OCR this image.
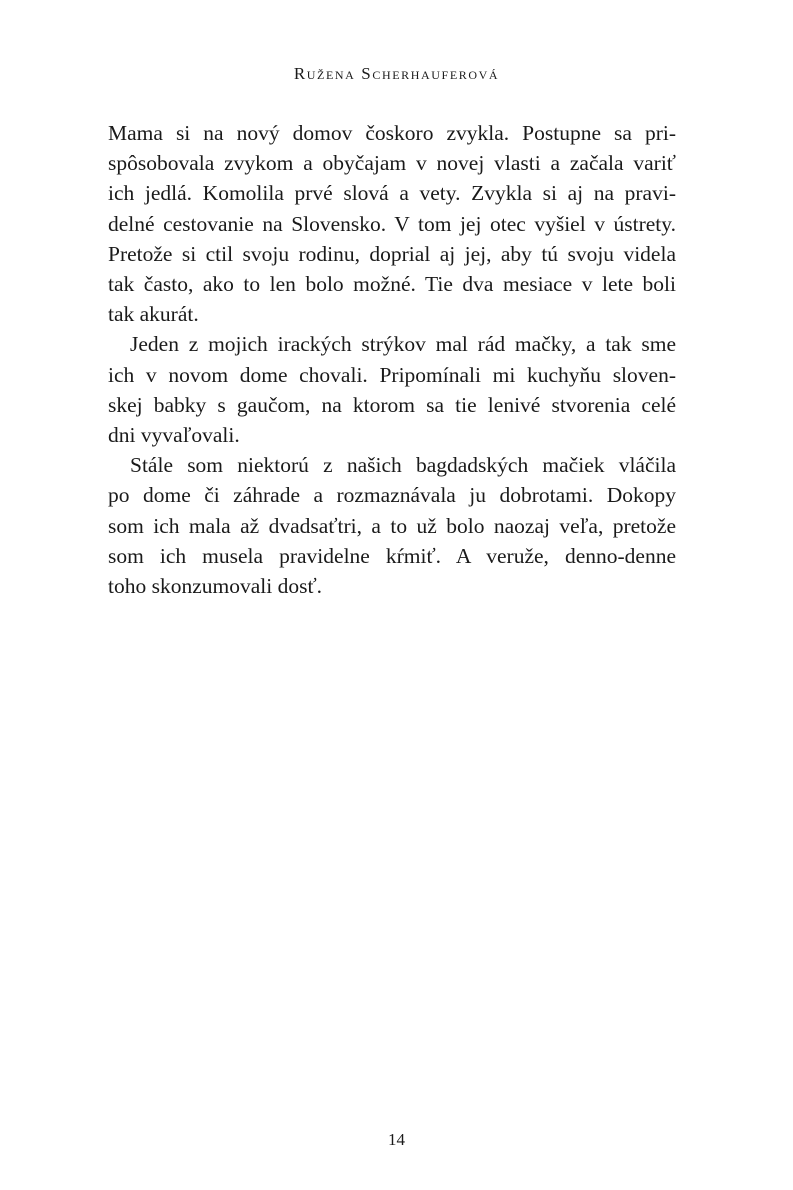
Ružena Scherhauferová

Mama si na nový domov čoskoro zvykla. Postupne sa pri-
spôsobovala zvykom a obyčajam v novej vlasti a začala variť
ich jedlá. Komolila prvé slová a vety. Zvykla si aj na pravi-
delné cestovanie na Slovensko. V tom jej otec vyšiel v ústrety.
Pretože si ctil svoju rodinu, doprial aj jej, aby tú svoju videla
tak často, ako to len bolo možné. Tie dva mesiace v lete boli
tak akurát.

Jeden z mojich irackých strýkov mal rád mačky, a tak sme
ich v novom dome chovali. Pripomínali mi kuchyňu sloven-
skej babky s gaučom, na ktorom sa tie lenivé stvorenia celé
dni vyvaľovali.

Stále som niektorú z našich bagdadských mačiek vláčila
po dome či záhrade a rozmaznávala ju dobrotami. Dokopy
som ich mala až dvadsaťtri, a to už bolo naozaj veľa, pretože
som ich musela pravidelne kŕmiť. A veruže, denno-denne
toho skonzumovali dosť.

14
